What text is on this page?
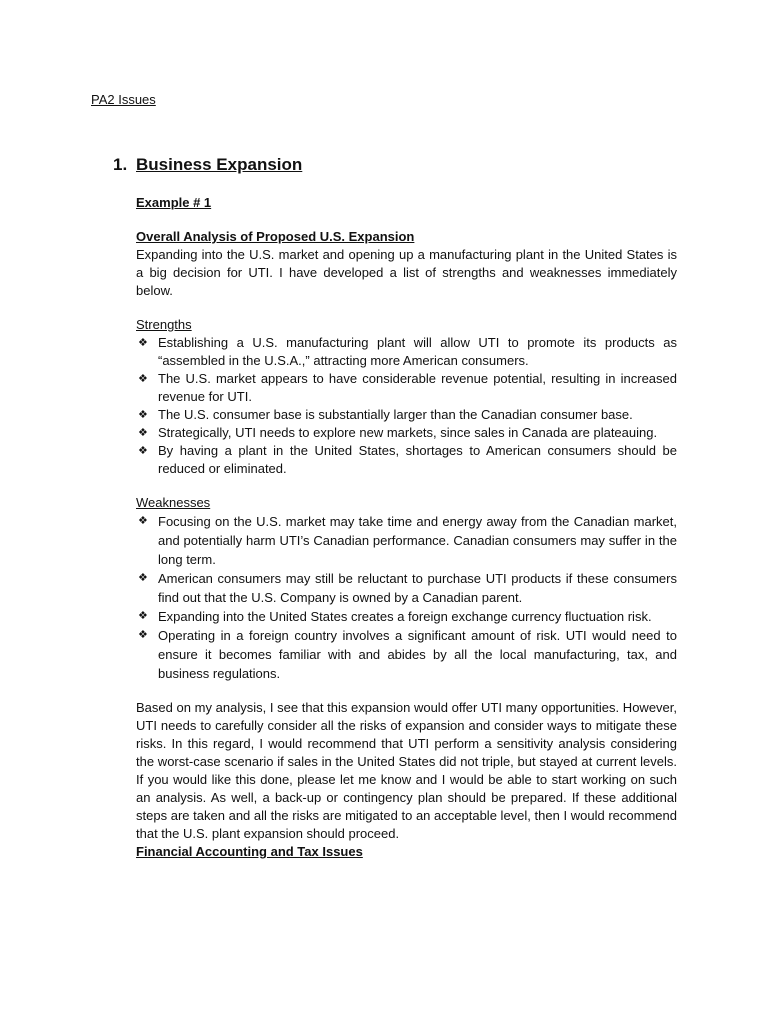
PA2 Issues

1. Business Expansion

Example # 1

Overall Analysis of Proposed U.S. Expansion

Expanding into the U.S. market and opening up a manufacturing plant in the United States is a big decision for UTI. I have developed a list of strengths and weaknesses immediately below.

Strengths

❖ Establishing a U.S. manufacturing plant will allow UTI to promote its products as “assembled in the U.S.A.,” attracting more American consumers.
❖ The U.S. market appears to have considerable revenue potential, resulting in increased revenue for UTI.
❖ The U.S. consumer base is substantially larger than the Canadian consumer base.
❖ Strategically, UTI needs to explore new markets, since sales in Canada are plateauing.
❖ By having a plant in the United States, shortages to American consumers should be reduced or eliminated.

Weaknesses

❖ Focusing on the U.S. market may take time and energy away from the Canadian market, and potentially harm UTI’s Canadian performance. Canadian consumers may suffer in the long term.
❖ American consumers may still be reluctant to purchase UTI products if these consumers find out that the U.S. Company is owned by a Canadian parent.
❖ Expanding into the United States creates a foreign exchange currency fluctuation risk.
❖ Operating in a foreign country involves a significant amount of risk. UTI would need to ensure it becomes familiar with and abides by all the local manufacturing, tax, and business regulations.

Based on my analysis, I see that this expansion would offer UTI many opportunities. However, UTI needs to carefully consider all the risks of expansion and consider ways to mitigate these risks. In this regard, I would recommend that UTI perform a sensitivity analysis considering the worst-case scenario if sales in the United States did not triple, but stayed at current levels. If you would like this done, please let me know and I would be able to start working on such an analysis. As well, a back-up or contingency plan should be prepared. If these additional steps are taken and all the risks are mitigated to an acceptable level, then I would recommend that the U.S. plant expansion should proceed.

Financial Accounting and Tax Issues
